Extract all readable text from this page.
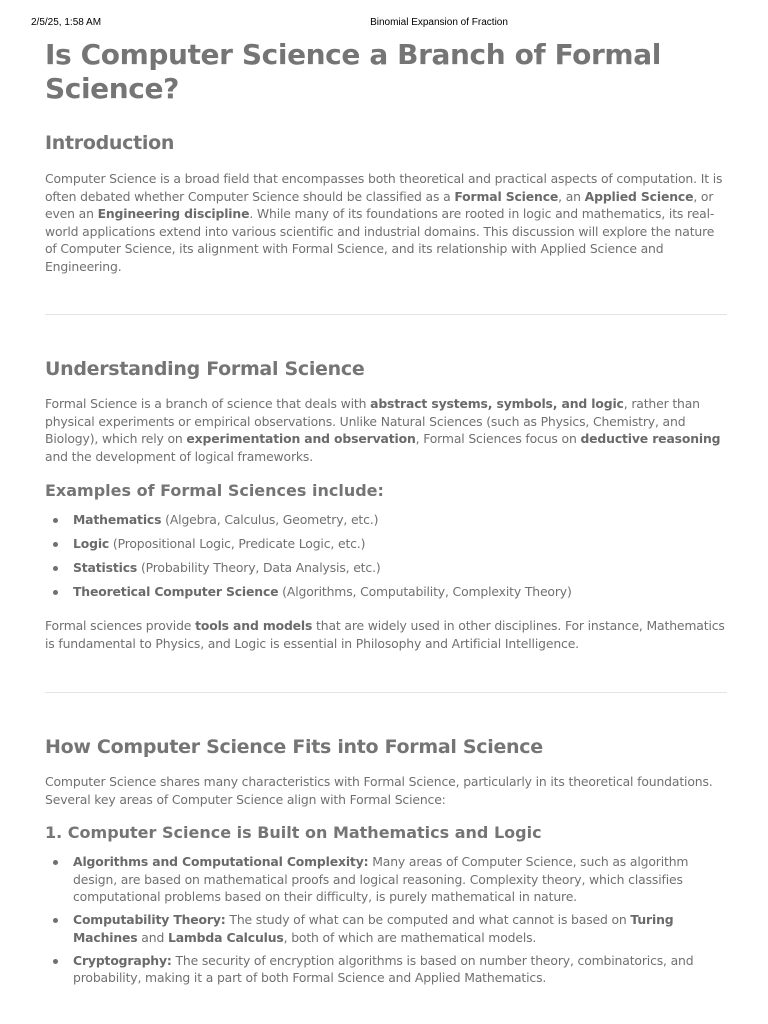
2/5/25, 1:58 AM	Binomial Expansion of Fraction
Is Computer Science a Branch of Formal Science?
Introduction

Computer Science is a broad field that encompasses both theoretical and practical aspects of computation. It is often debated whether Computer Science should be classified as a Formal Science, an Applied Science, or even an Engineering discipline. While many of its foundations are rooted in logic and mathematics, its real-world applications extend into various scientific and industrial domains. This discussion will explore the nature of Computer Science, its alignment with Formal Science, and its relationship with Applied Science and Engineering.

Understanding Formal Science

Formal Science is a branch of science that deals with abstract systems, symbols, and logic, rather than physical experiments or empirical observations. Unlike Natural Sciences (such as Physics, Chemistry, and Biology), which rely on experimentation and observation, Formal Sciences focus on deductive reasoning and the development of logical frameworks.

Examples of Formal Sciences include:
Mathematics (Algebra, Calculus, Geometry, etc.)
Logic (Propositional Logic, Predicate Logic, etc.)
Statistics (Probability Theory, Data Analysis, etc.)
Theoretical Computer Science (Algorithms, Computability, Complexity Theory)

Formal sciences provide tools and models that are widely used in other disciplines. For instance, Mathematics is fundamental to Physics, and Logic is essential in Philosophy and Artificial Intelligence.

How Computer Science Fits into Formal Science

Computer Science shares many characteristics with Formal Science, particularly in its theoretical foundations. Several key areas of Computer Science align with Formal Science:

1. Computer Science is Built on Mathematics and Logic
Algorithms and Computational Complexity: Many areas of Computer Science, such as algorithm design, are based on mathematical proofs and logical reasoning. Complexity theory, which classifies computational problems based on their difficulty, is purely mathematical in nature.
Computability Theory: The study of what can be computed and what cannot is based on Turing Machines and Lambda Calculus, both of which are mathematical models.
Cryptography: The security of encryption algorithms is based on number theory, combinatorics, and probability, making it a part of both Formal Science and Applied Mathematics.
